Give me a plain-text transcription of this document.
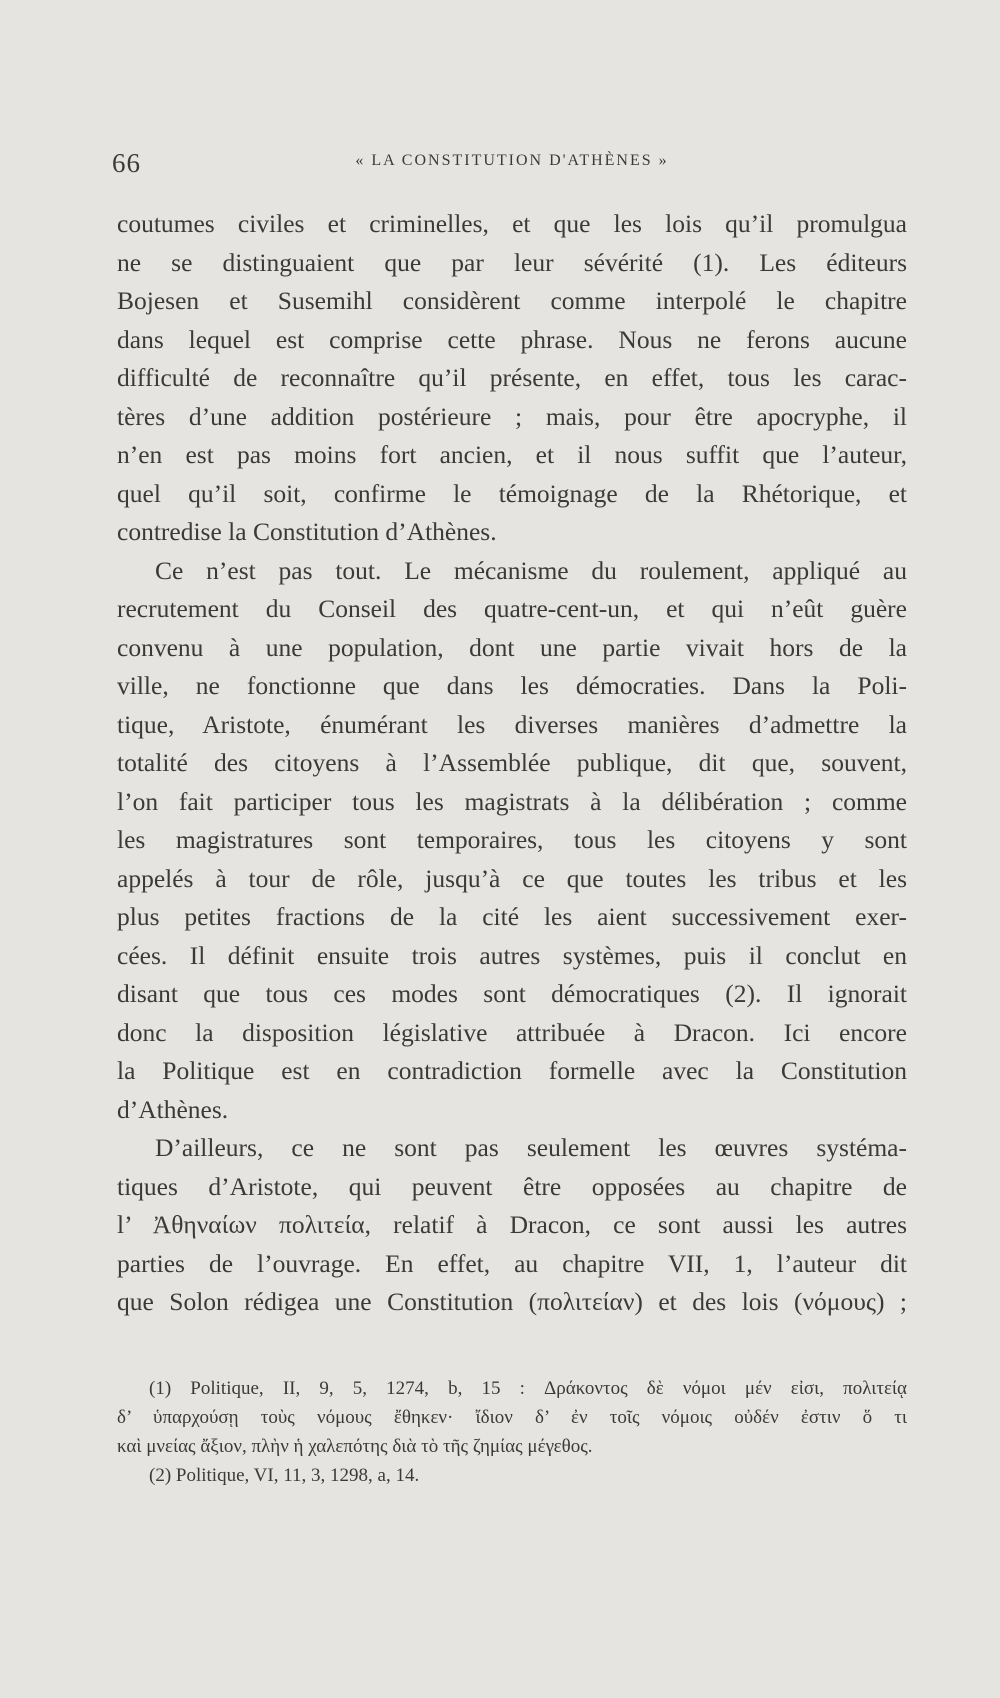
66	« LA CONSTITUTION D'ATHÈNES »
coutumes civiles et criminelles, et que les lois qu’il promulgua
ne se distinguaient que par leur sévérité (1). Les éditeurs
Bojesen et Susemihl considèrent comme interpolé le chapitre
dans lequel est comprise cette phrase. Nous ne ferons aucune
difficulté de reconnaître qu’il présente, en effet, tous les carac-
tères d’une addition postérieure ; mais, pour être apocryphe, il
n’en est pas moins fort ancien, et il nous suffit que l’auteur,
quel qu’il soit, confirme le témoignage de la Rhétorique, et
contredise la Constitution d’Athènes.
Ce n’est pas tout. Le mécanisme du roulement, appliqué au
recrutement du Conseil des quatre-cent-un, et qui n’eût guère
convenu à une population, dont une partie vivait hors de la
ville, ne fonctionne que dans les démocraties. Dans la Poli-
tique, Aristote, énumérant les diverses manières d’admettre la
totalité des citoyens à l’Assemblée publique, dit que, souvent,
l’on fait participer tous les magistrats à la délibération ; comme
les magistratures sont temporaires, tous les citoyens y sont
appelés à tour de rôle, jusqu’à ce que toutes les tribus et les
plus petites fractions de la cité les aient successivement exer-
cées. Il définit ensuite trois autres systèmes, puis il conclut en
disant que tous ces modes sont démocratiques (2). Il ignorait
donc la disposition législative attribuée à Dracon. Ici encore
la Politique est en contradiction formelle avec la Constitution
d’Athènes.
D’ailleurs, ce ne sont pas seulement les œuvres systéma-
tiques d’Aristote, qui peuvent être opposées au chapitre de
l’ Ἀθηναίων πολιτεία, relatif à Dracon, ce sont aussi les autres
parties de l’ouvrage. En effet, au chapitre VII, 1, l’auteur dit
que Solon rédigea une Constitution (πολιτείαν) et des lois (νόμους) ;
(1) Politique, II, 9, 5, 1274, b, 15 : Δράκοντος δὲ νόμοι μέν εἰσι, πολιτείᾳ
δ’ ὑπαρχούσῃ τοὺς νόμους ἔθηκεν· ἴδιον δ’ ἐν τοῖς νόμοις οὐδέν ἐστιν ὅ τι
καὶ μνείας ἄξιον, πλὴν ἡ χαλεπότης διὰ τὸ τῆς ζημίας μέγεθος.
(2) Politique, VI, 11, 3, 1298, a, 14.
